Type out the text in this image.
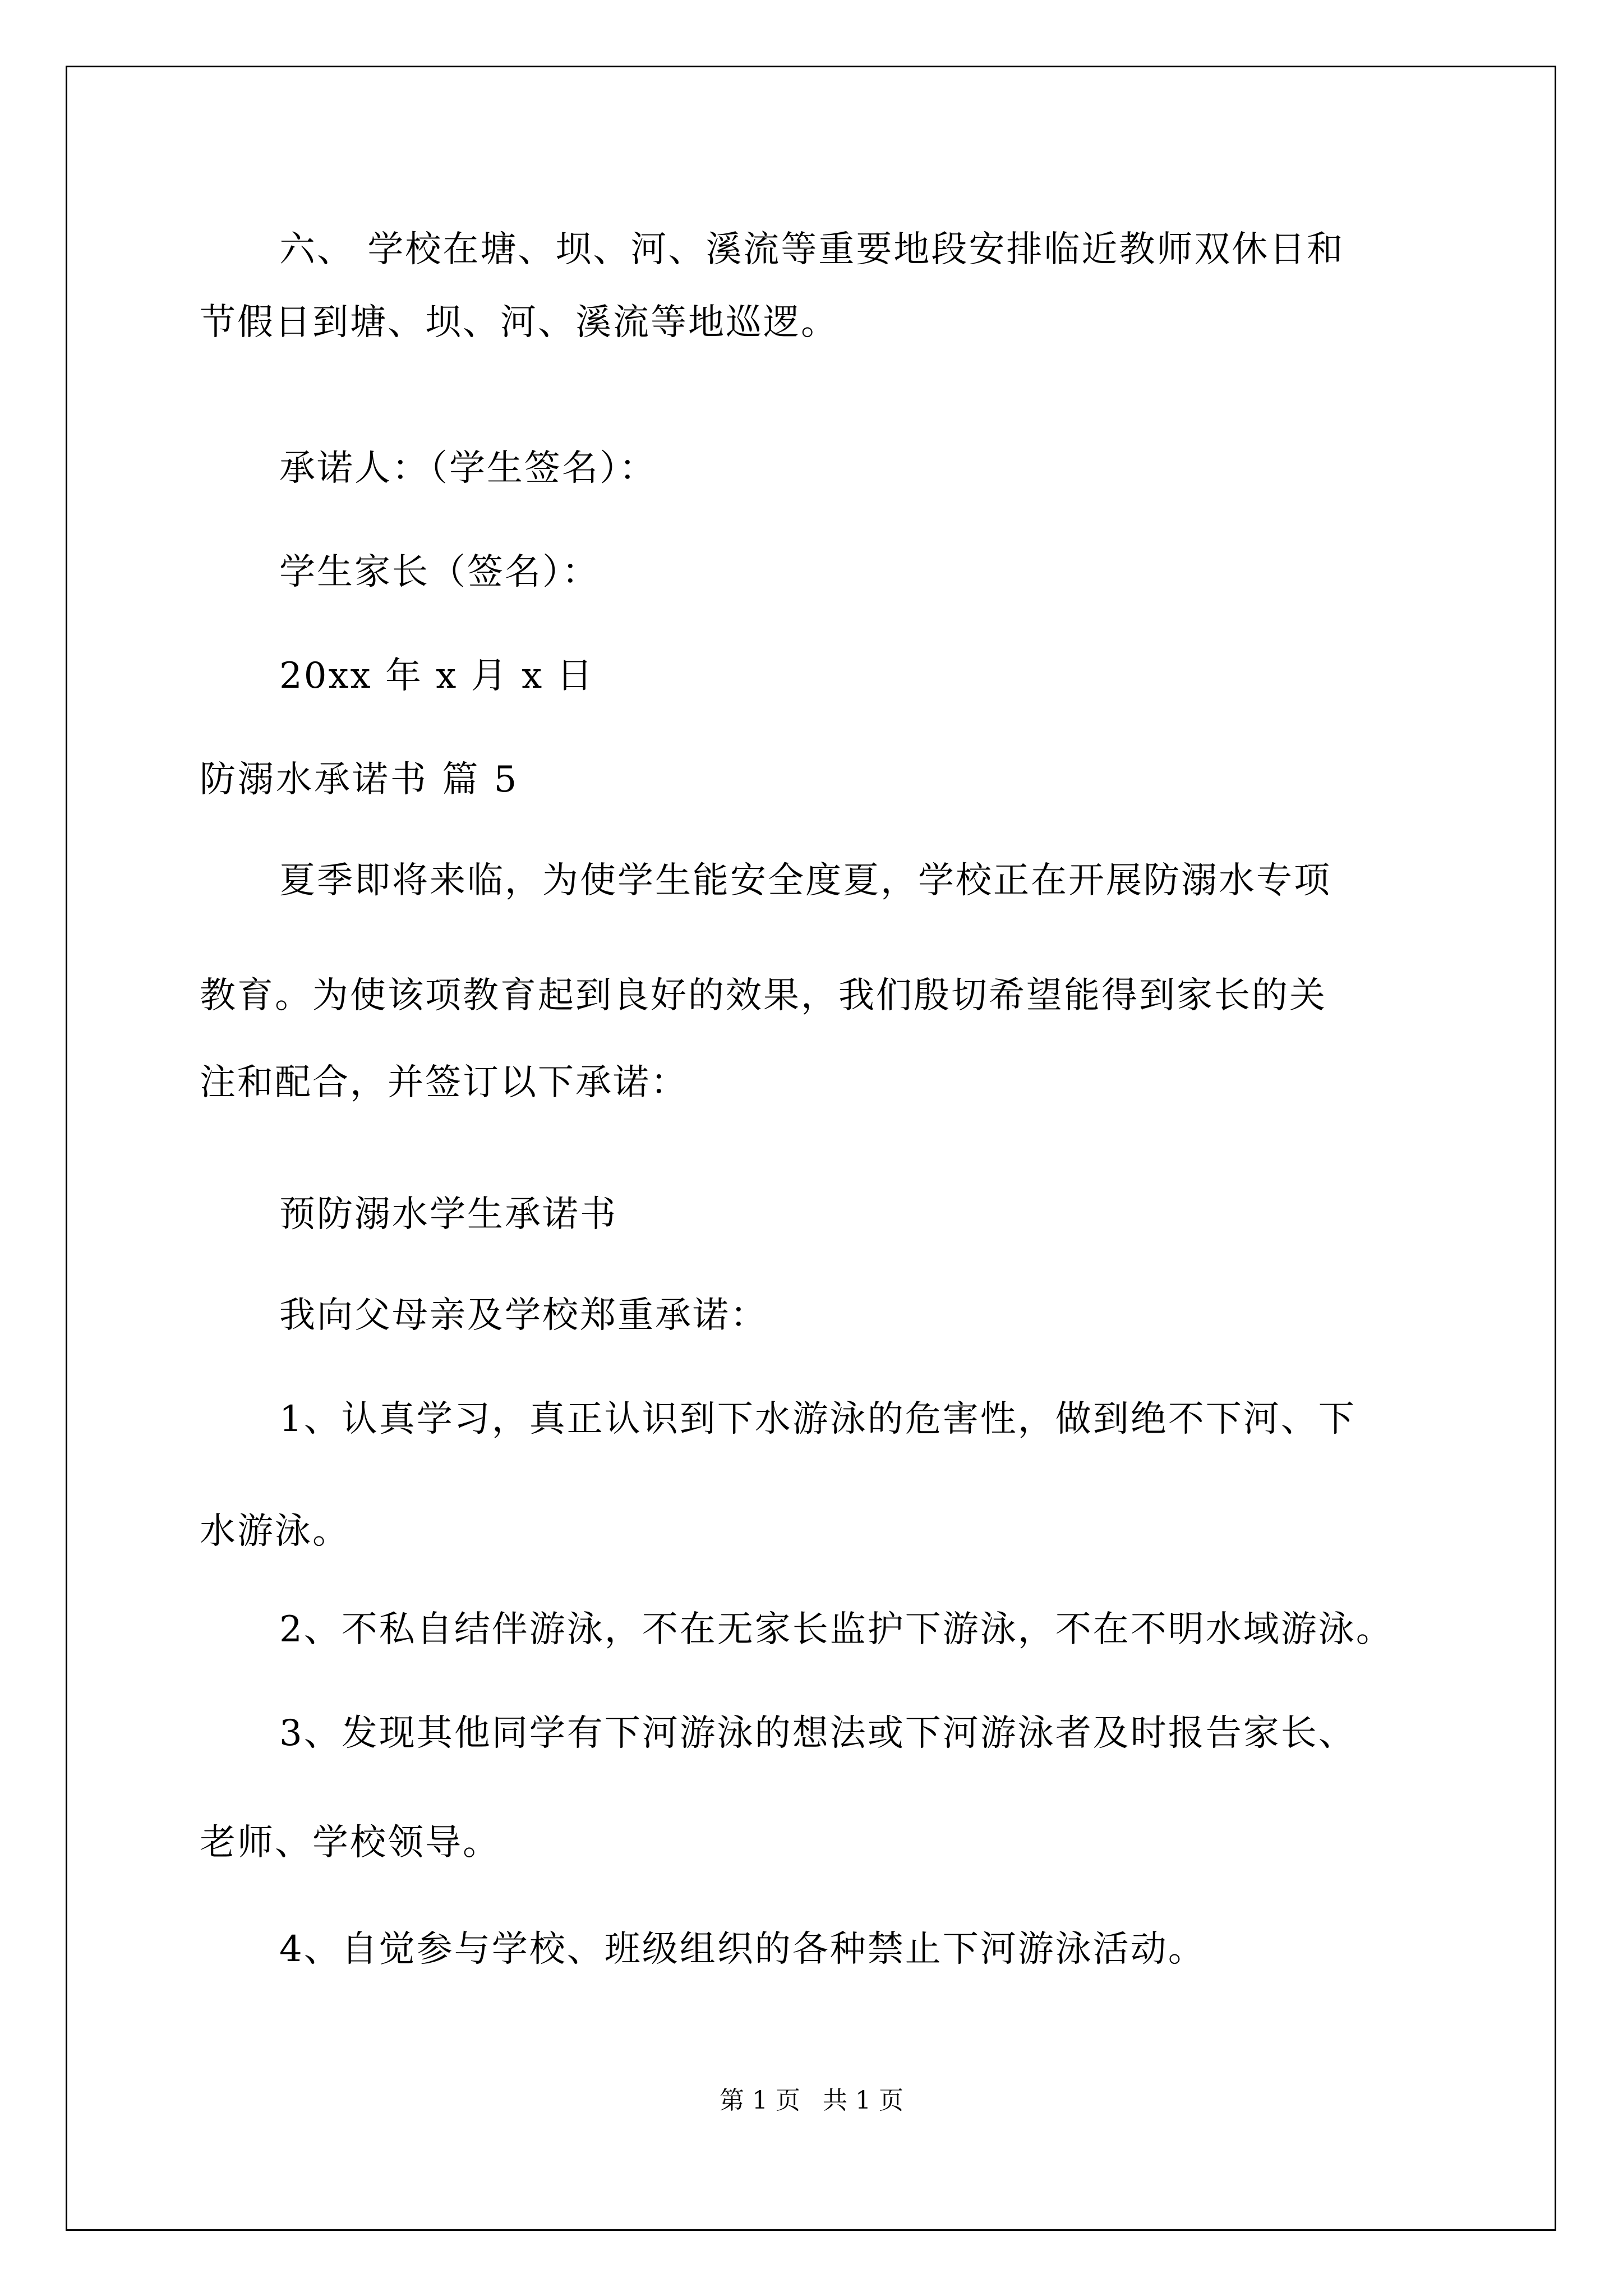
六、 学校在塘、坝、河、溪流等重要地段安排临近教师双休日和

节假日到塘、坝、河、溪流等地巡逻。

承诺人：（学生签名）：

学生家长（签名）：

20xx 年 x 月 x 日

防溺水承诺书 篇 5

夏季即将来临，为使学生能安全度夏，学校正在开展防溺水专项

教育。为使该项教育起到良好的效果，我们殷切希望能得到家长的关

注和配合，并签订以下承诺：

预防溺水学生承诺书

我向父母亲及学校郑重承诺：

1、认真学习，真正认识到下水游泳的危害性，做到绝不下河、下

水游泳。

2、不私自结伴游泳，不在无家长监护下游泳，不在不明水域游泳。

3、发现其他同学有下河游泳的想法或下河游泳者及时报告家长、

老师、学校领导。

4、自觉参与学校、班级组织的各种禁止下河游泳活动。

第 1 页 共 1 页
